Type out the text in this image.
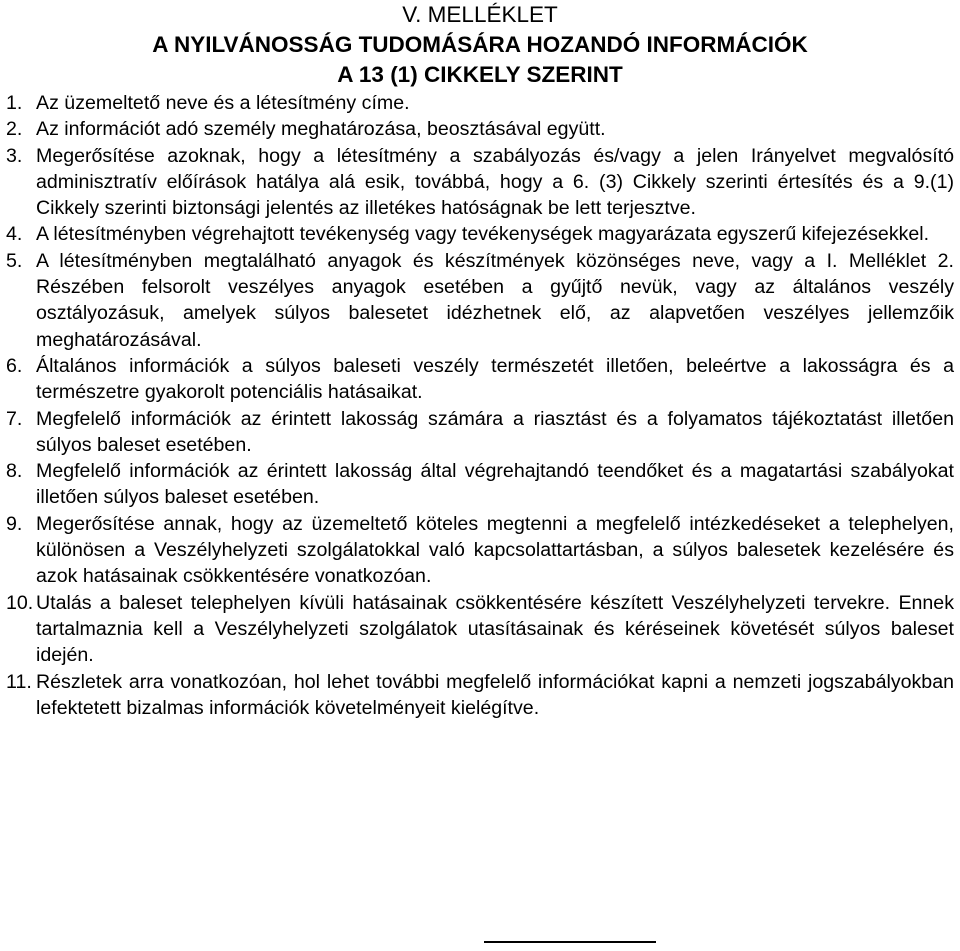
V. MELLÉKLET
A NYILVÁNOSSÁG TUDOMÁSÁRA HOZANDÓ INFORMÁCIÓK
A 13 (1) CIKKELY SZERINT
1. Az üzemeltető neve és a létesítmény címe.
2. Az információt adó személy meghatározása, beosztásával együtt.
3. Megerősítése azoknak, hogy a létesítmény a szabályozás és/vagy a jelen Irányelvet megvalósító adminisztratív előírások hatálya alá esik, továbbá, hogy a 6. (3) Cikkely szerinti értesítés és a 9.(1) Cikkely szerinti biztonsági jelentés az illetékes hatóságnak be lett terjesztve.
4. A létesítményben végrehajtott tevékenység vagy tevékenységek magyarázata egyszerű kifejezésekkel.
5. A létesítményben megtalálható anyagok és készítmények közönséges neve, vagy a I. Melléklet 2. Részében felsorolt veszélyes anyagok esetében a gyűjtő nevük, vagy az általános veszély osztályozásuk, amelyek súlyos balesetet idézhetnek elő, az alapvetően veszélyes jellemzőik meghatározásával.
6. Általános információk a súlyos baleseti veszély természetét illetően, beleértve a lakosságra és a természetre gyakorolt potenciális hatásaikat.
7. Megfelelő információk az érintett lakosság számára a riasztást és a folyamatos tájékoztatást illetően súlyos baleset esetében.
8. Megfelelő információk az érintett lakosság által végrehajtandó teendőket és a magatartási szabályokat illetően súlyos baleset esetében.
9. Megerősítése annak, hogy az üzemeltető köteles megtenni a megfelelő intézkedéseket a telephelyen, különösen a Veszélyhelyzeti szolgálatokkal való kapcsolattartásban, a súlyos balesetek kezelésére és azok hatásainak csökkentésére vonatkozóan.
10. Utalás a baleset telephelyen kívüli hatásainak csökkentésére készített Veszélyhelyzeti tervekre. Ennek tartalmaznia kell a Veszélyhelyzeti szolgálatok utasításainak és kéréseinek követését súlyos baleset idején.
11. Részletek arra vonatkozóan, hol lehet további megfelelő információkat kapni a nemzeti jogszabályokban lefektetett bizalmas információk követelményeit kielégítve.
